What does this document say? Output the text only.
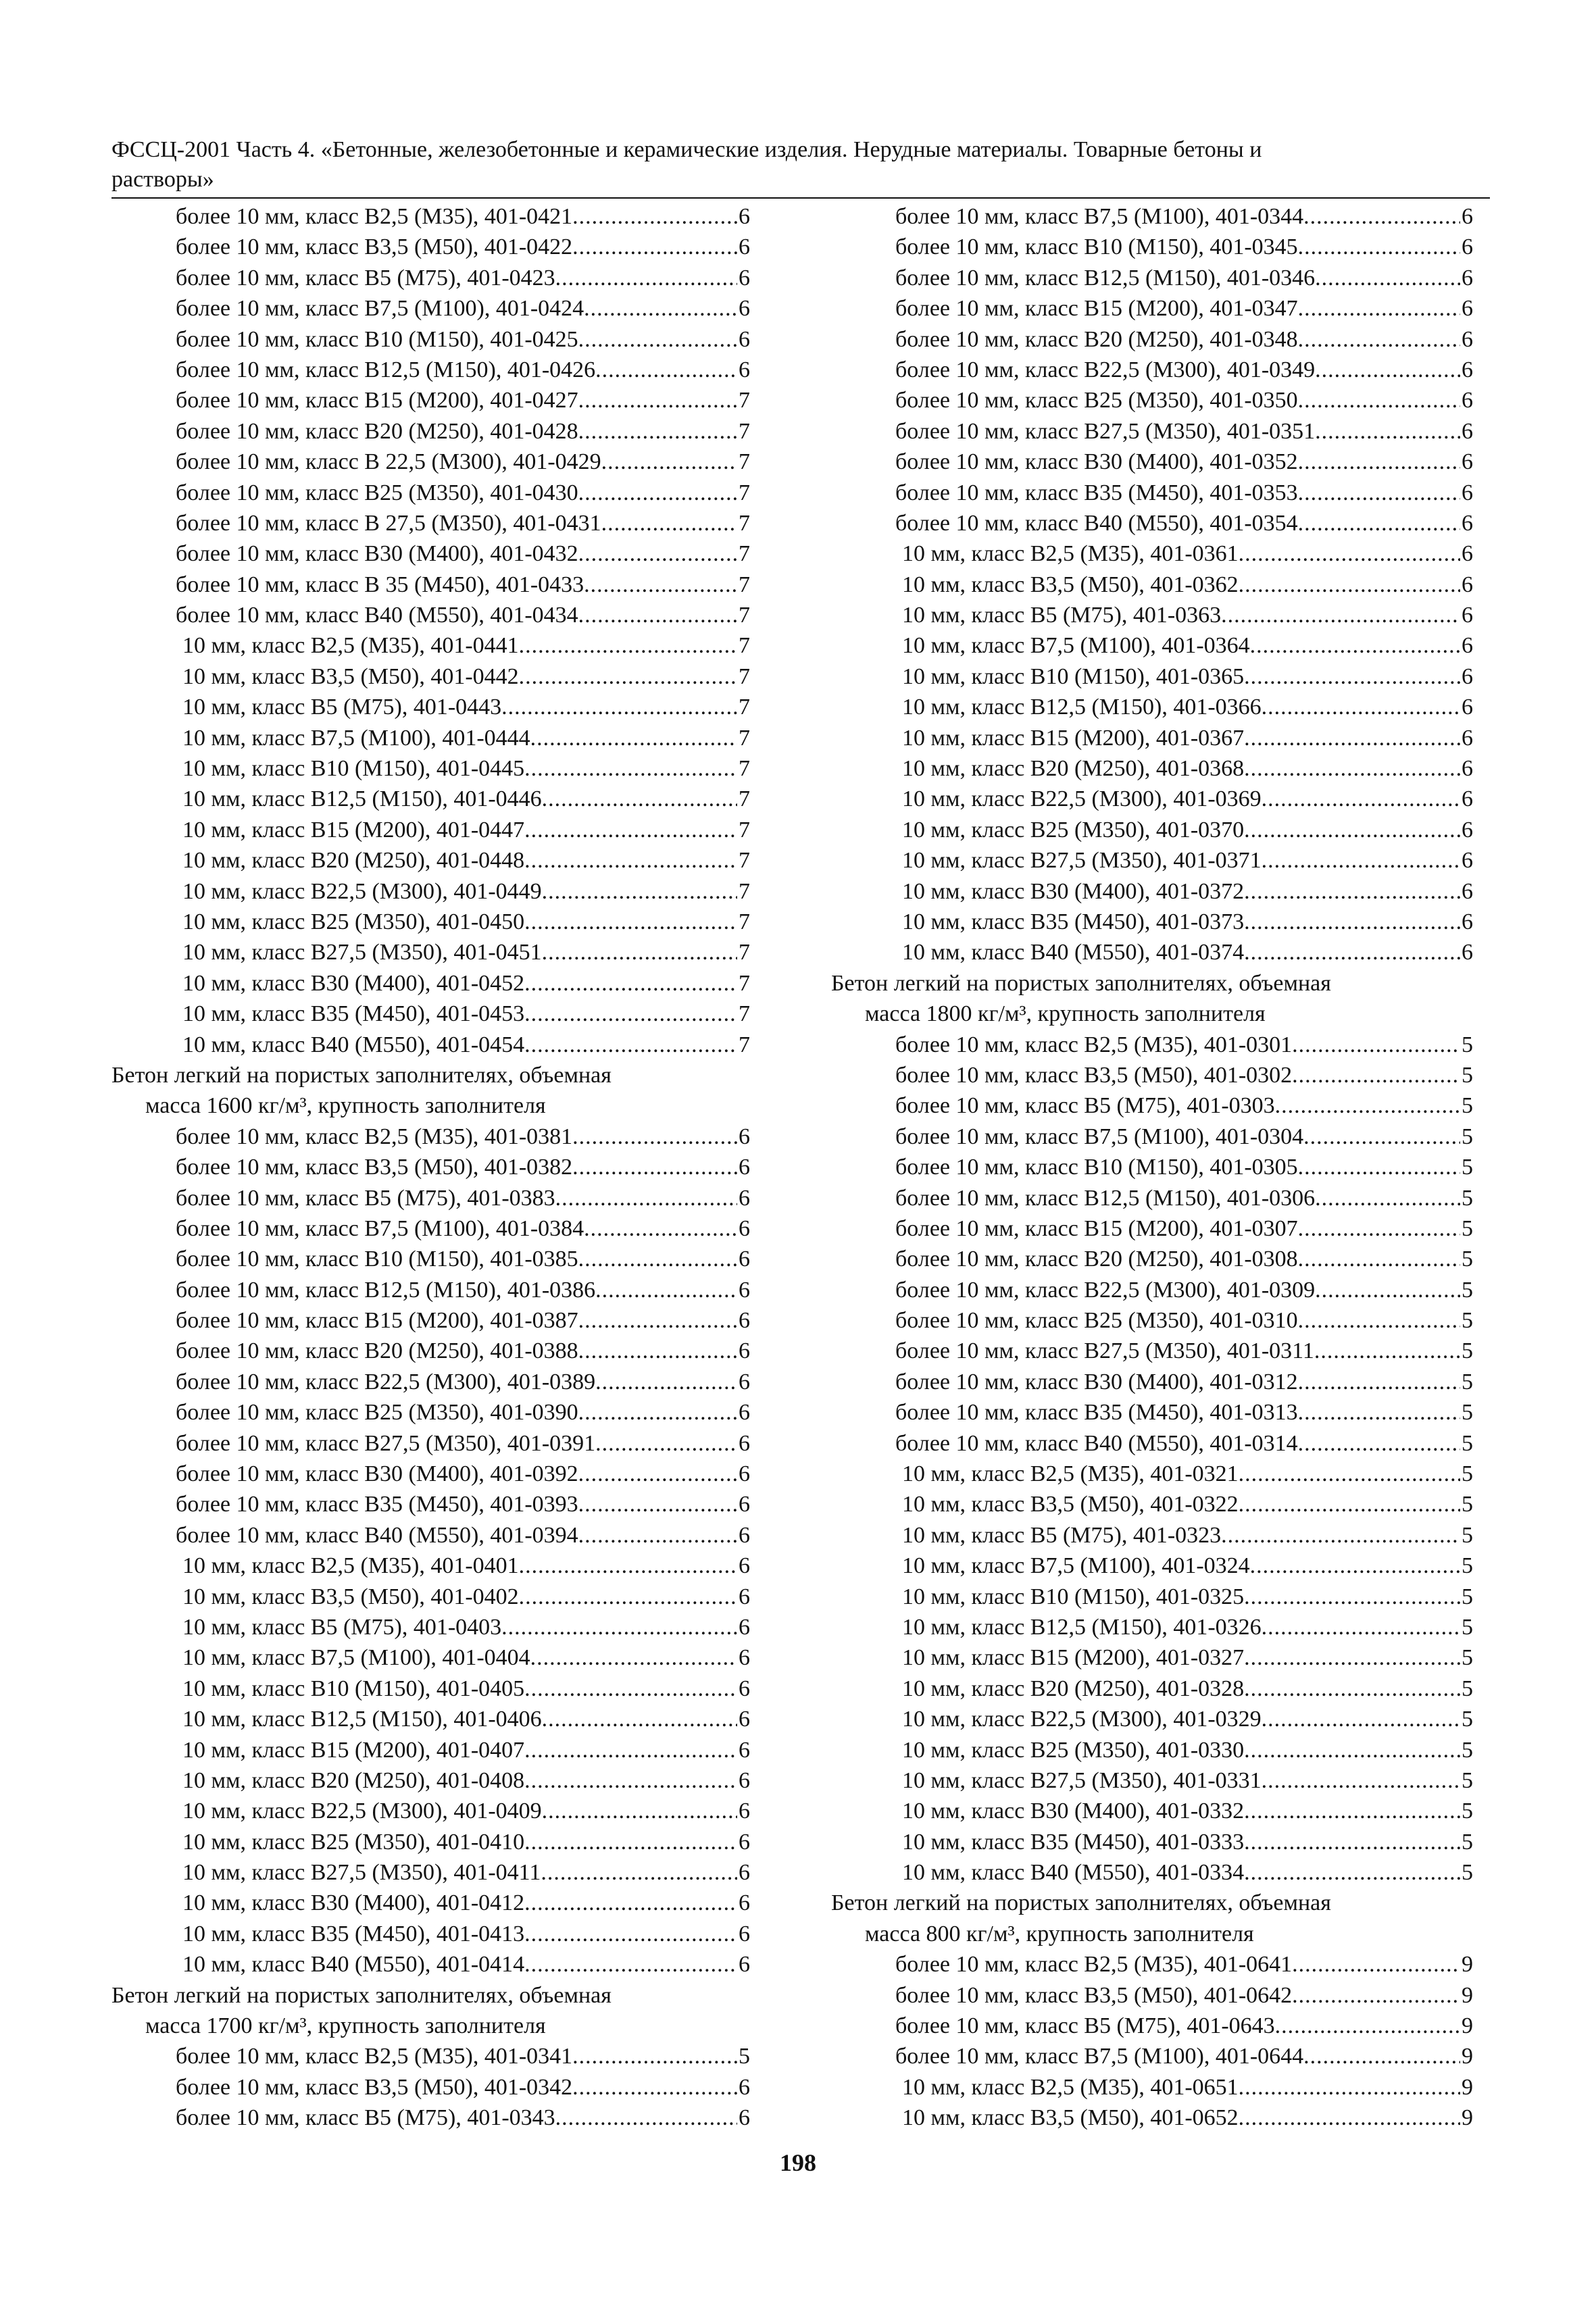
ФССЦ-2001 Часть 4. «Бетонные, железобетонные и керамические изделия. Нерудные материалы. Товарные бетоны и
растворы»
более 10 мм, класс В2,5 (М35), 401-0421 .....	6
более 10 мм, класс В3,5 (М50), 401-0422 .....	6
более 10 мм, класс В5 (М75), 401-0423 .....	6
более 10 мм, класс В7,5 (М100), 401-0424 .....	6
более 10 мм, класс В10 (М150), 401-0425 .....	6
более 10 мм, класс В12,5 (М150), 401-0426 .....	6
более 10 мм, класс В15 (М200), 401-0427 .....	7
более 10 мм, класс В20 (М250), 401-0428 .....	7
более 10 мм, класс В 22,5 (М300), 401-0429 .....	7
более 10 мм, класс В25 (М350), 401-0430 .....	7
более 10 мм, класс В 27,5 (М350), 401-0431 .....	7
более 10 мм, класс В30 (М400), 401-0432 .....	7
более 10 мм, класс В 35 (М450), 401-0433 .....	7
более 10 мм, класс В40 (М550), 401-0434 .....	7
10 мм, класс В2,5 (М35), 401-0441 .....	7
10 мм, класс В3,5 (М50), 401-0442 .....	7
10 мм, класс В5 (М75), 401-0443 .....	7
10 мм, класс В7,5 (М100), 401-0444 .....	7
10 мм, класс В10 (М150), 401-0445 .....	7
10 мм, класс В12,5 (М150), 401-0446 .....	7
10 мм, класс В15 (М200), 401-0447 .....	7
10 мм, класс В20 (М250), 401-0448 .....	7
10 мм, класс В22,5 (М300), 401-0449 .....	7
10 мм, класс В25 (М350), 401-0450 .....	7
10 мм, класс В27,5 (М350), 401-0451 .....	7
10 мм, класс В30 (М400), 401-0452 .....	7
10 мм, класс В35 (М450), 401-0453 .....	7
10 мм, класс В40 (М550), 401-0454 .....	7
Бетон легкий на пористых заполнителях, объемная
масса 1600 кг/м³, крупность заполнителя
более 10 мм, класс В2,5 (М35), 401-0381 .....	6
более 10 мм, класс В3,5 (М50), 401-0382 .....	6
более 10 мм, класс В5 (М75), 401-0383 .....	6
более 10 мм, класс В7,5 (М100), 401-0384 .....	6
более 10 мм, класс В10 (М150), 401-0385 .....	6
более 10 мм, класс В12,5 (М150), 401-0386 .....	6
более 10 мм, класс В15 (М200), 401-0387 .....	6
более 10 мм, класс В20 (М250), 401-0388 .....	6
более 10 мм, класс В22,5 (М300), 401-0389 .....	6
более 10 мм, класс В25 (М350), 401-0390 .....	6
более 10 мм, класс В27,5 (М350), 401-0391 .....	6
более 10 мм, класс В30 (М400), 401-0392 .....	6
более 10 мм, класс В35 (М450), 401-0393 .....	6
более 10 мм, класс В40 (М550), 401-0394 .....	6
10 мм, класс В2,5 (М35), 401-0401 .....	6
10 мм, класс В3,5 (М50), 401-0402 .....	6
10 мм, класс В5 (М75), 401-0403 .....	6
10 мм, класс В7,5 (М100), 401-0404 .....	6
10 мм, класс В10 (М150), 401-0405 .....	6
10 мм, класс В12,5 (М150), 401-0406 .....	6
10 мм, класс В15 (М200), 401-0407 .....	6
10 мм, класс В20 (М250), 401-0408 .....	6
10 мм, класс В22,5 (М300), 401-0409 .....	6
10 мм, класс В25 (М350), 401-0410 .....	6
10 мм, класс В27,5 (М350), 401-0411 .....	6
10 мм, класс В30 (М400), 401-0412 .....	6
10 мм, класс В35 (М450), 401-0413 .....	6
10 мм, класс В40 (М550), 401-0414 .....	6
Бетон легкий на пористых заполнителях, объемная
масса 1700 кг/м³, крупность заполнителя
более 10 мм, класс В2,5 (М35), 401-0341 .....	5
более 10 мм, класс В3,5 (М50), 401-0342 .....	6
более 10 мм, класс В5 (М75), 401-0343 .....	6
более 10 мм, класс В7,5 (М100), 401-0344 .....	6
более 10 мм, класс В10 (М150), 401-0345 .....	6
более 10 мм, класс В12,5 (М150), 401-0346 .....	6
более 10 мм, класс В15 (М200), 401-0347 .....	6
более 10 мм, класс В20 (М250), 401-0348 .....	6
более 10 мм, класс В22,5 (М300), 401-0349 .....	6
более 10 мм, класс В25 (М350), 401-0350 .....	6
более 10 мм, класс В27,5 (М350), 401-0351 .....	6
более 10 мм, класс В30 (М400), 401-0352 .....	6
более 10 мм, класс В35 (М450), 401-0353 .....	6
более 10 мм, класс В40 (М550), 401-0354 .....	6
10 мм, класс В2,5 (М35), 401-0361 .....	6
10 мм, класс В3,5 (М50), 401-0362 .....	6
10 мм, класс В5 (М75), 401-0363 .....	6
10 мм, класс В7,5 (М100), 401-0364 .....	6
10 мм, класс В10 (М150), 401-0365 .....	6
10 мм, класс В12,5 (М150), 401-0366 .....	6
10 мм, класс В15 (М200), 401-0367 .....	6
10 мм, класс В20 (М250), 401-0368 .....	6
10 мм, класс В22,5 (М300), 401-0369 .....	6
10 мм, класс В25 (М350), 401-0370 .....	6
10 мм, класс В27,5 (М350), 401-0371 .....	6
10 мм, класс В30 (М400), 401-0372 .....	6
10 мм, класс В35 (М450), 401-0373 .....	6
10 мм, класс В40 (М550), 401-0374 .....	6
Бетон легкий на пористых заполнителях, объемная
масса 1800 кг/м³, крупность заполнителя
более 10 мм, класс В2,5 (М35), 401-0301 .....	5
более 10 мм, класс В3,5 (М50), 401-0302 .....	5
более 10 мм, класс В5 (М75), 401-0303 .....	5
более 10 мм, класс В7,5 (М100), 401-0304 .....	5
более 10 мм, класс В10 (М150), 401-0305 .....	5
более 10 мм, класс В12,5 (М150), 401-0306 .....	5
более 10 мм, класс В15 (М200), 401-0307 .....	5
более 10 мм, класс В20 (М250), 401-0308 .....	5
более 10 мм, класс В22,5 (М300), 401-0309 .....	5
более 10 мм, класс В25 (М350), 401-0310 .....	5
более 10 мм, класс В27,5 (М350), 401-0311 .....	5
более 10 мм, класс В30 (М400), 401-0312 .....	5
более 10 мм, класс В35 (М450), 401-0313 .....	5
более 10 мм, класс В40 (М550), 401-0314 .....	5
10 мм, класс В2,5 (М35), 401-0321 .....	5
10 мм, класс В3,5 (М50), 401-0322 .....	5
10 мм, класс В5 (М75), 401-0323 .....	5
10 мм, класс В7,5 (М100), 401-0324 .....	5
10 мм, класс В10 (М150), 401-0325 .....	5
10 мм, класс В12,5 (М150), 401-0326 .....	5
10 мм, класс В15 (М200), 401-0327 .....	5
10 мм, класс В20 (М250), 401-0328 .....	5
10 мм, класс В22,5 (М300), 401-0329 .....	5
10 мм, класс В25 (М350), 401-0330 .....	5
10 мм, класс В27,5 (М350), 401-0331 .....	5
10 мм, класс В30 (М400), 401-0332 .....	5
10 мм, класс В35 (М450), 401-0333 .....	5
10 мм, класс В40 (М550), 401-0334 .....	5
Бетон легкий на пористых заполнителях, объемная
масса 800 кг/м³, крупность заполнителя
более 10 мм, класс В2,5 (М35), 401-0641 .....	9
более 10 мм, класс В3,5 (М50), 401-0642 .....	9
более 10 мм, класс В5 (М75), 401-0643 .....	9
более 10 мм, класс В7,5 (М100), 401-0644 .....	9
10 мм, класс В2,5 (М35), 401-0651 .....	9
10 мм, класс В3,5 (М50), 401-0652 .....	9
198
